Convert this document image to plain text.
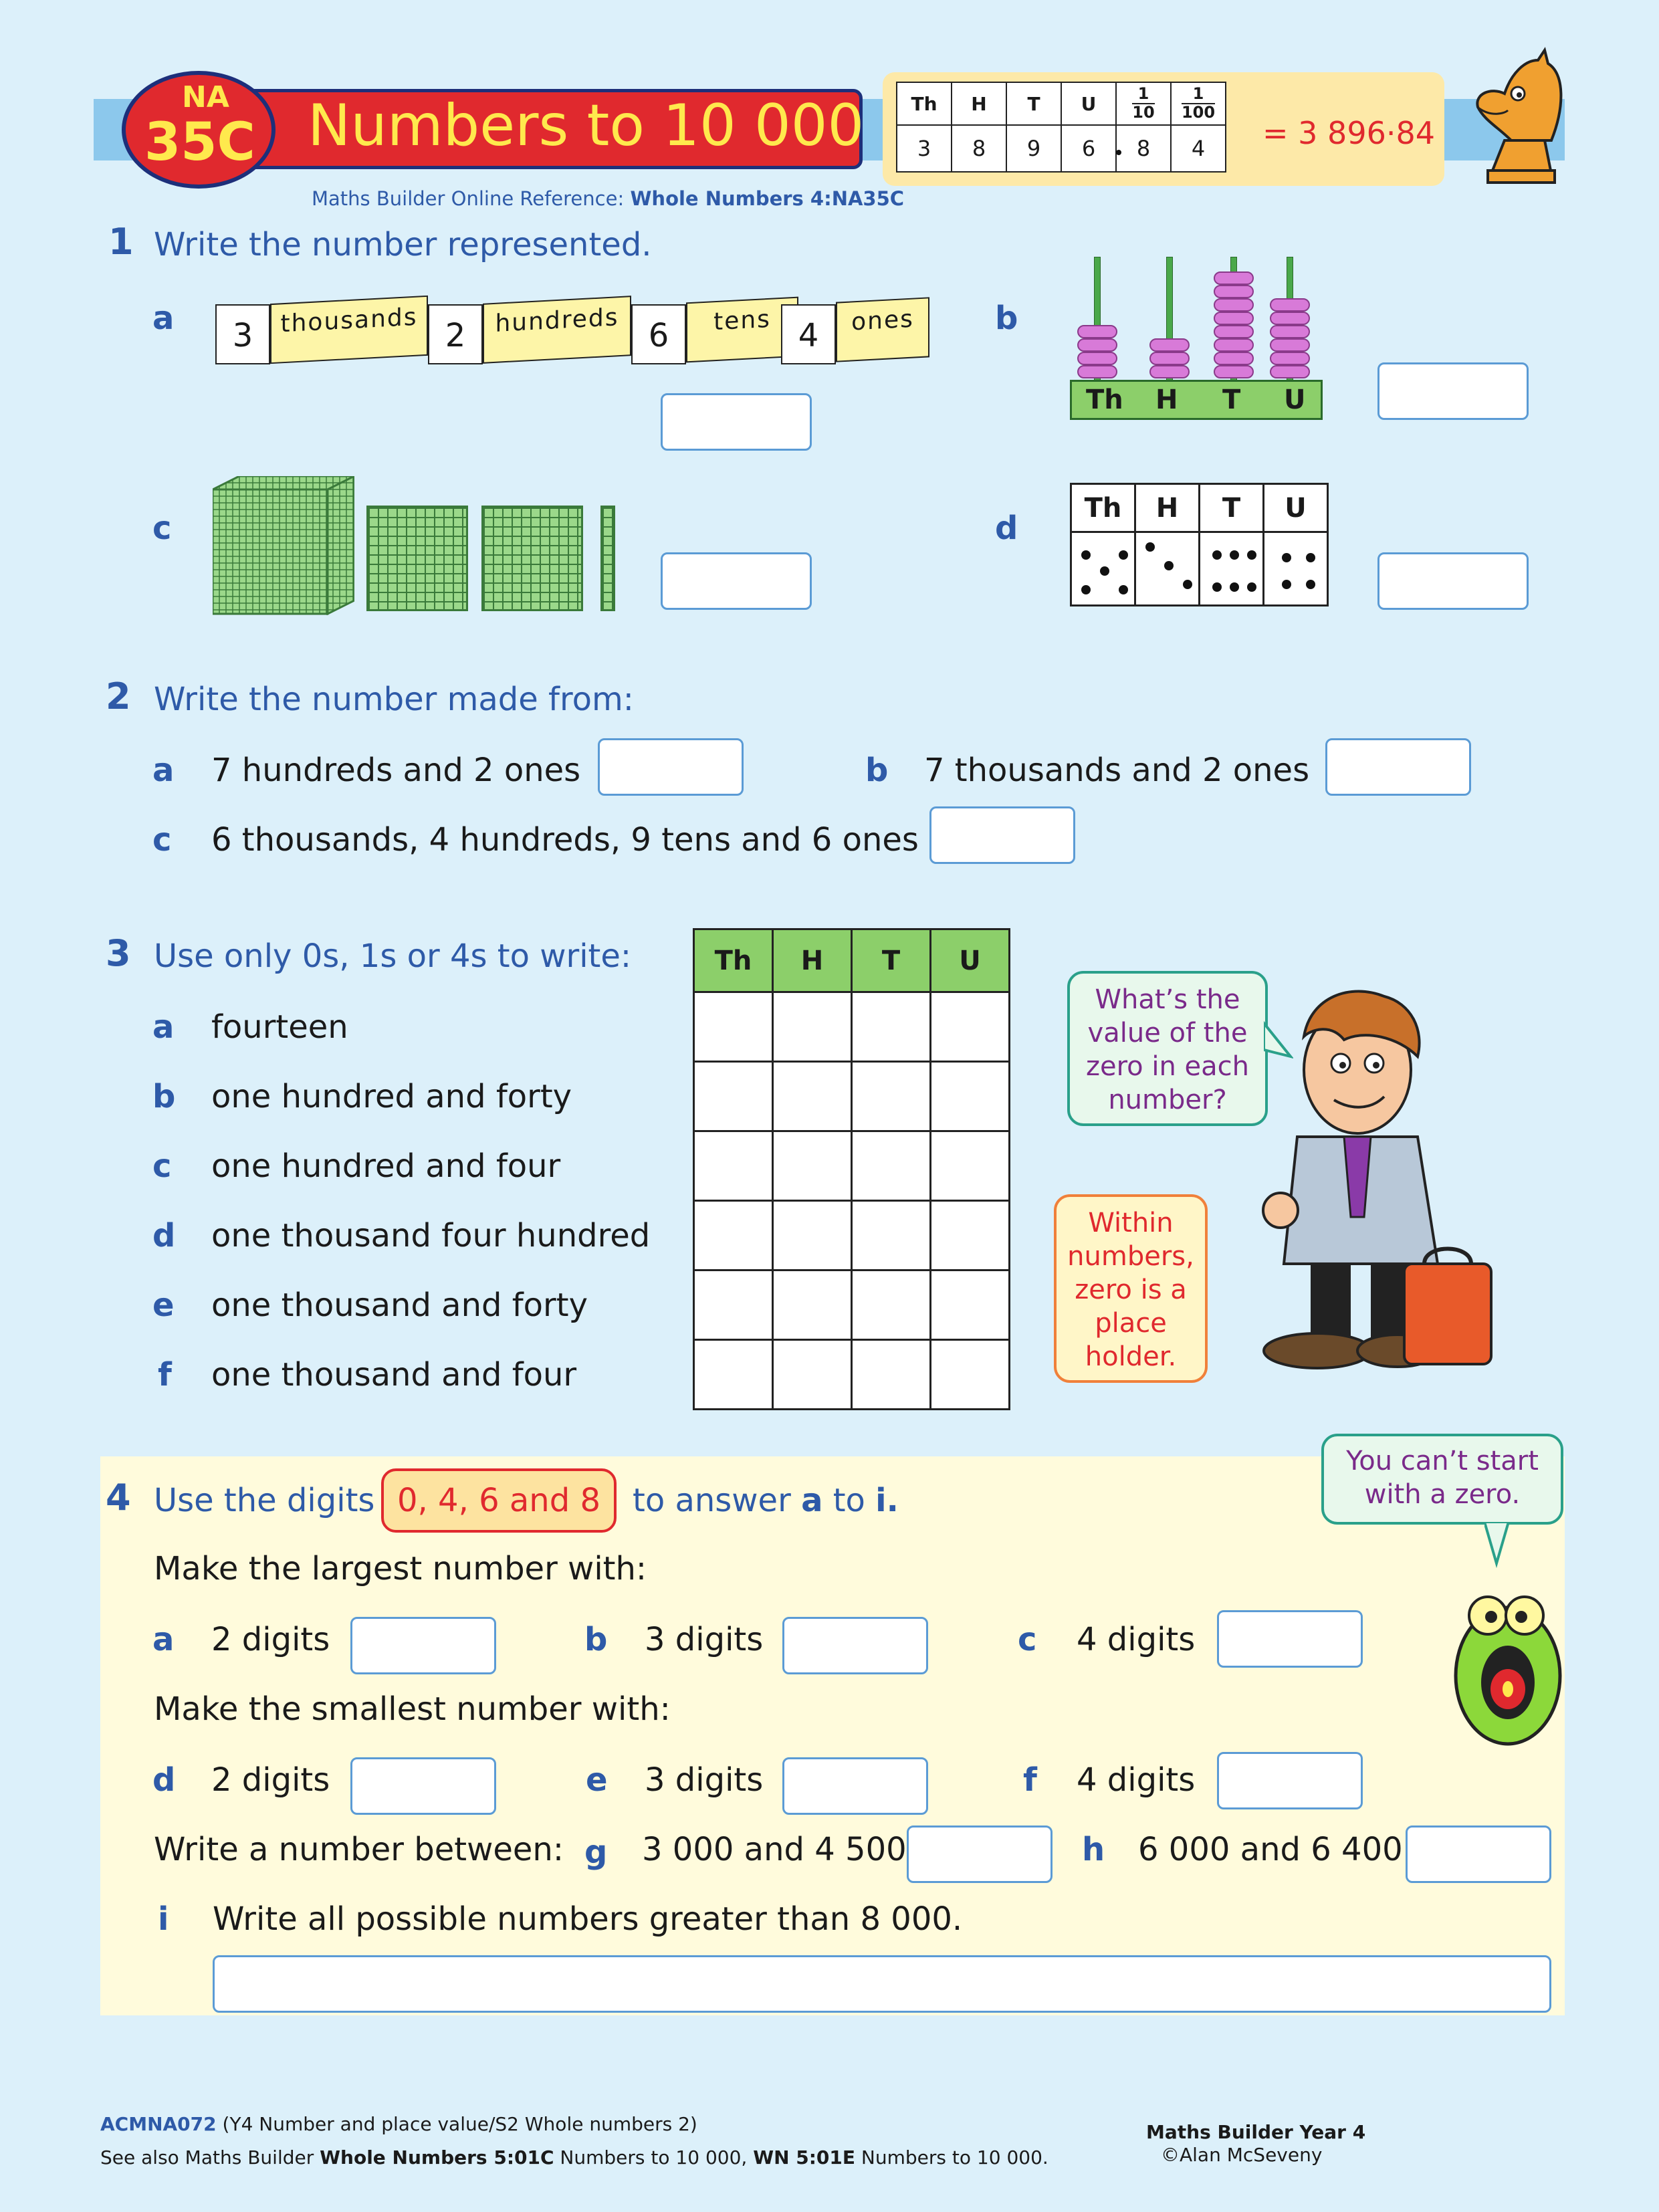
Numbers to 10 000
NA
35C
Maths Builder Online Reference: Whole Numbers 4:NA35C
Th	H	T	U	$\frac{1}{10}$	$\frac{1}{100}$

3	8	9	6	8	4 = 3 896·84
1 Write the number represented.
a	3	thousands 2	hundreds 6	tens 4	ones	b
Th H T U
c	d
Th	H	T	U

2 Write the number made from:
a 7 hundreds and 2 ones	b 7 thousands and 2 ones
c 6 thousands, 4 hundreds, 9 tens and 6 ones
3 Use only 0s, 1s or 4s to write:
a fourteen
b one hundred and forty
c one hundred and four
d one thousand four hundred
e one thousand and forty
f one thousand and four
Th	H	T	U

What’s the value of the zero in each number?
Within numbers, zero is a place holder.
4 Use the digits 0, 4, 6 and 8	to answer a to i.
You can’t start with a zero.
Make the largest number with:
a 2 digits	b 3 digits	c 4 digits
Make the smallest number with:
d 2 digits	e 3 digits	f 4 digits
Write a number between: g 3 000 and 4 500	h 6 000 and 6 400
i Write all possible numbers greater than 8 000.
ACMNA072 (Y4 Number and place value/S2 Whole numbers 2)
See also Maths Builder Whole Numbers 5:01C Numbers to 10 000, WN 5:01E Numbers to 10 000.
Maths Builder Year 4
©Alan McSeveny
